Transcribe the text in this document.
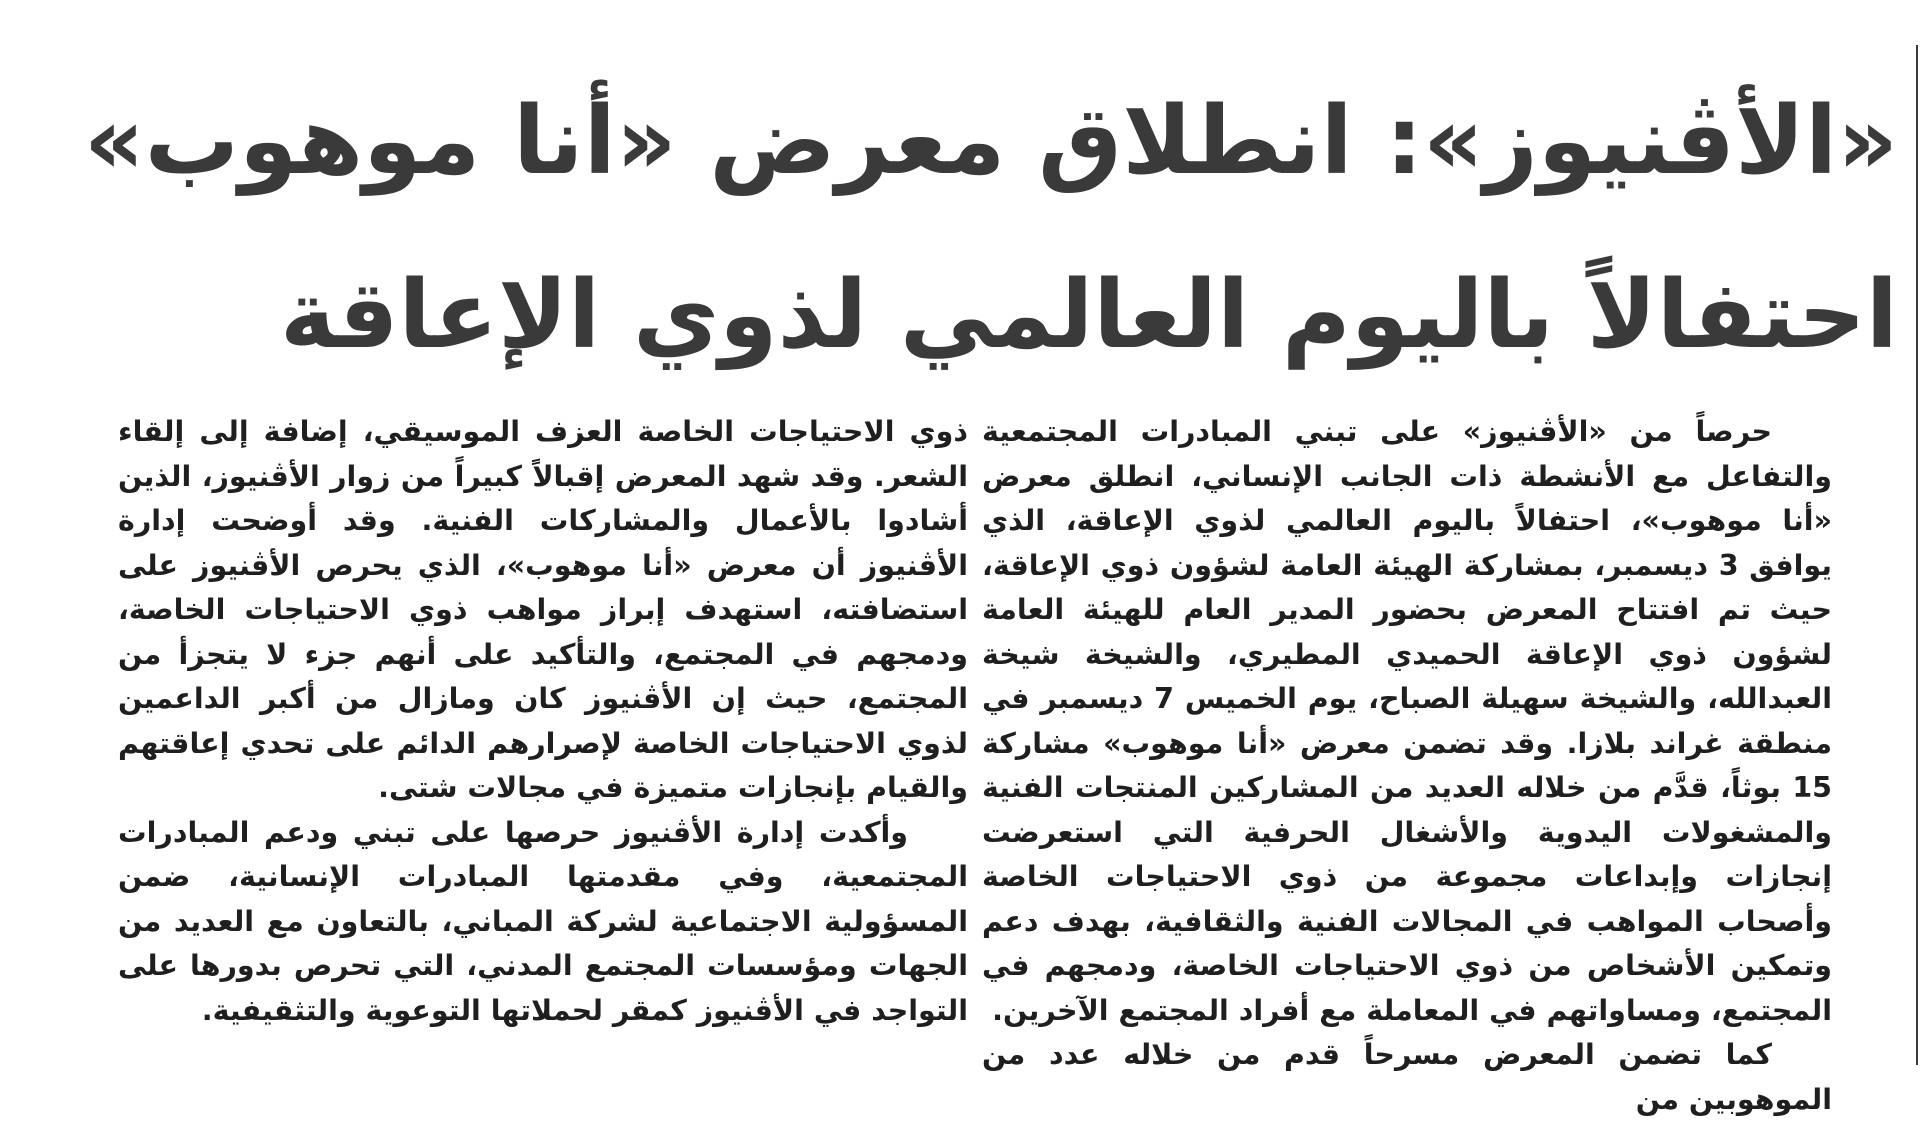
«الأڤنيوز»: انطلاق معرض «أنا موهوب»
احتفالاً باليوم العالمي لذوي الإعاقة

حرصاً من «الأڤنيوز» على تبني المبادرات المجتمعية والتفاعل مع الأنشطة ذات الجانب الإنساني، انطلق معرض «أنا موهوب»، احتفالاً باليوم العالمي لذوي الإعاقة، الذي يوافق 3 ديسمبر، بمشاركة الهيئة العامة لشؤون ذوي الإعاقة، حيث تم افتتاح المعرض بحضور المدير العام للهيئة العامة لشؤون ذوي الإعاقة الحميدي المطيري، والشيخة شيخة العبدالله، والشيخة سهيلة الصباح، يوم الخميس 7 ديسمبر في منطقة غراند بلازا. وقد تضمن معرض «أنا موهوب» مشاركة 15 بوثاً، قدَّم من خلاله العديد من المشاركين المنتجات الفنية والمشغولات اليدوية والأشغال الحرفية التي استعرضت إنجازات وإبداعات مجموعة من ذوي الاحتياجات الخاصة وأصحاب المواهب في المجالات الفنية والثقافية، بهدف دعم وتمكين الأشخاص من ذوي الاحتياجات الخاصة، ودمجهم في المجتمع، ومساواتهم في المعاملة مع أفراد المجتمع الآخرين.

كما تضمن المعرض مسرحاً قدم من خلاله عدد من الموهوبين من

ذوي الاحتياجات الخاصة العزف الموسيقي، إضافة إلى إلقاء الشعر. وقد شهد المعرض إقبالاً كبيراً من زوار الأڤنيوز، الذين أشادوا بالأعمال والمشاركات الفنية. وقد أوضحت إدارة الأڤنيوز أن معرض «أنا موهوب»، الذي يحرص الأڤنيوز على استضافته، استهدف إبراز مواهب ذوي الاحتياجات الخاصة، ودمجهم في المجتمع، والتأكيد على أنهم جزء لا يتجزأ من المجتمع، حيث إن الأڤنيوز كان ومازال من أكبر الداعمين لذوي الاحتياجات الخاصة لإصرارهم الدائم على تحدي إعاقتهم والقيام بإنجازات متميزة في مجالات شتى.

وأكدت إدارة الأڤنيوز حرصها على تبني ودعم المبادرات المجتمعية، وفي مقدمتها المبادرات الإنسانية، ضمن المسؤولية الاجتماعية لشركة المباني، بالتعاون مع العديد من الجهات ومؤسسات المجتمع المدني، التي تحرص بدورها على التواجد في الأڤنيوز كمقر لحملاتها التوعوية والتثقيفية.
